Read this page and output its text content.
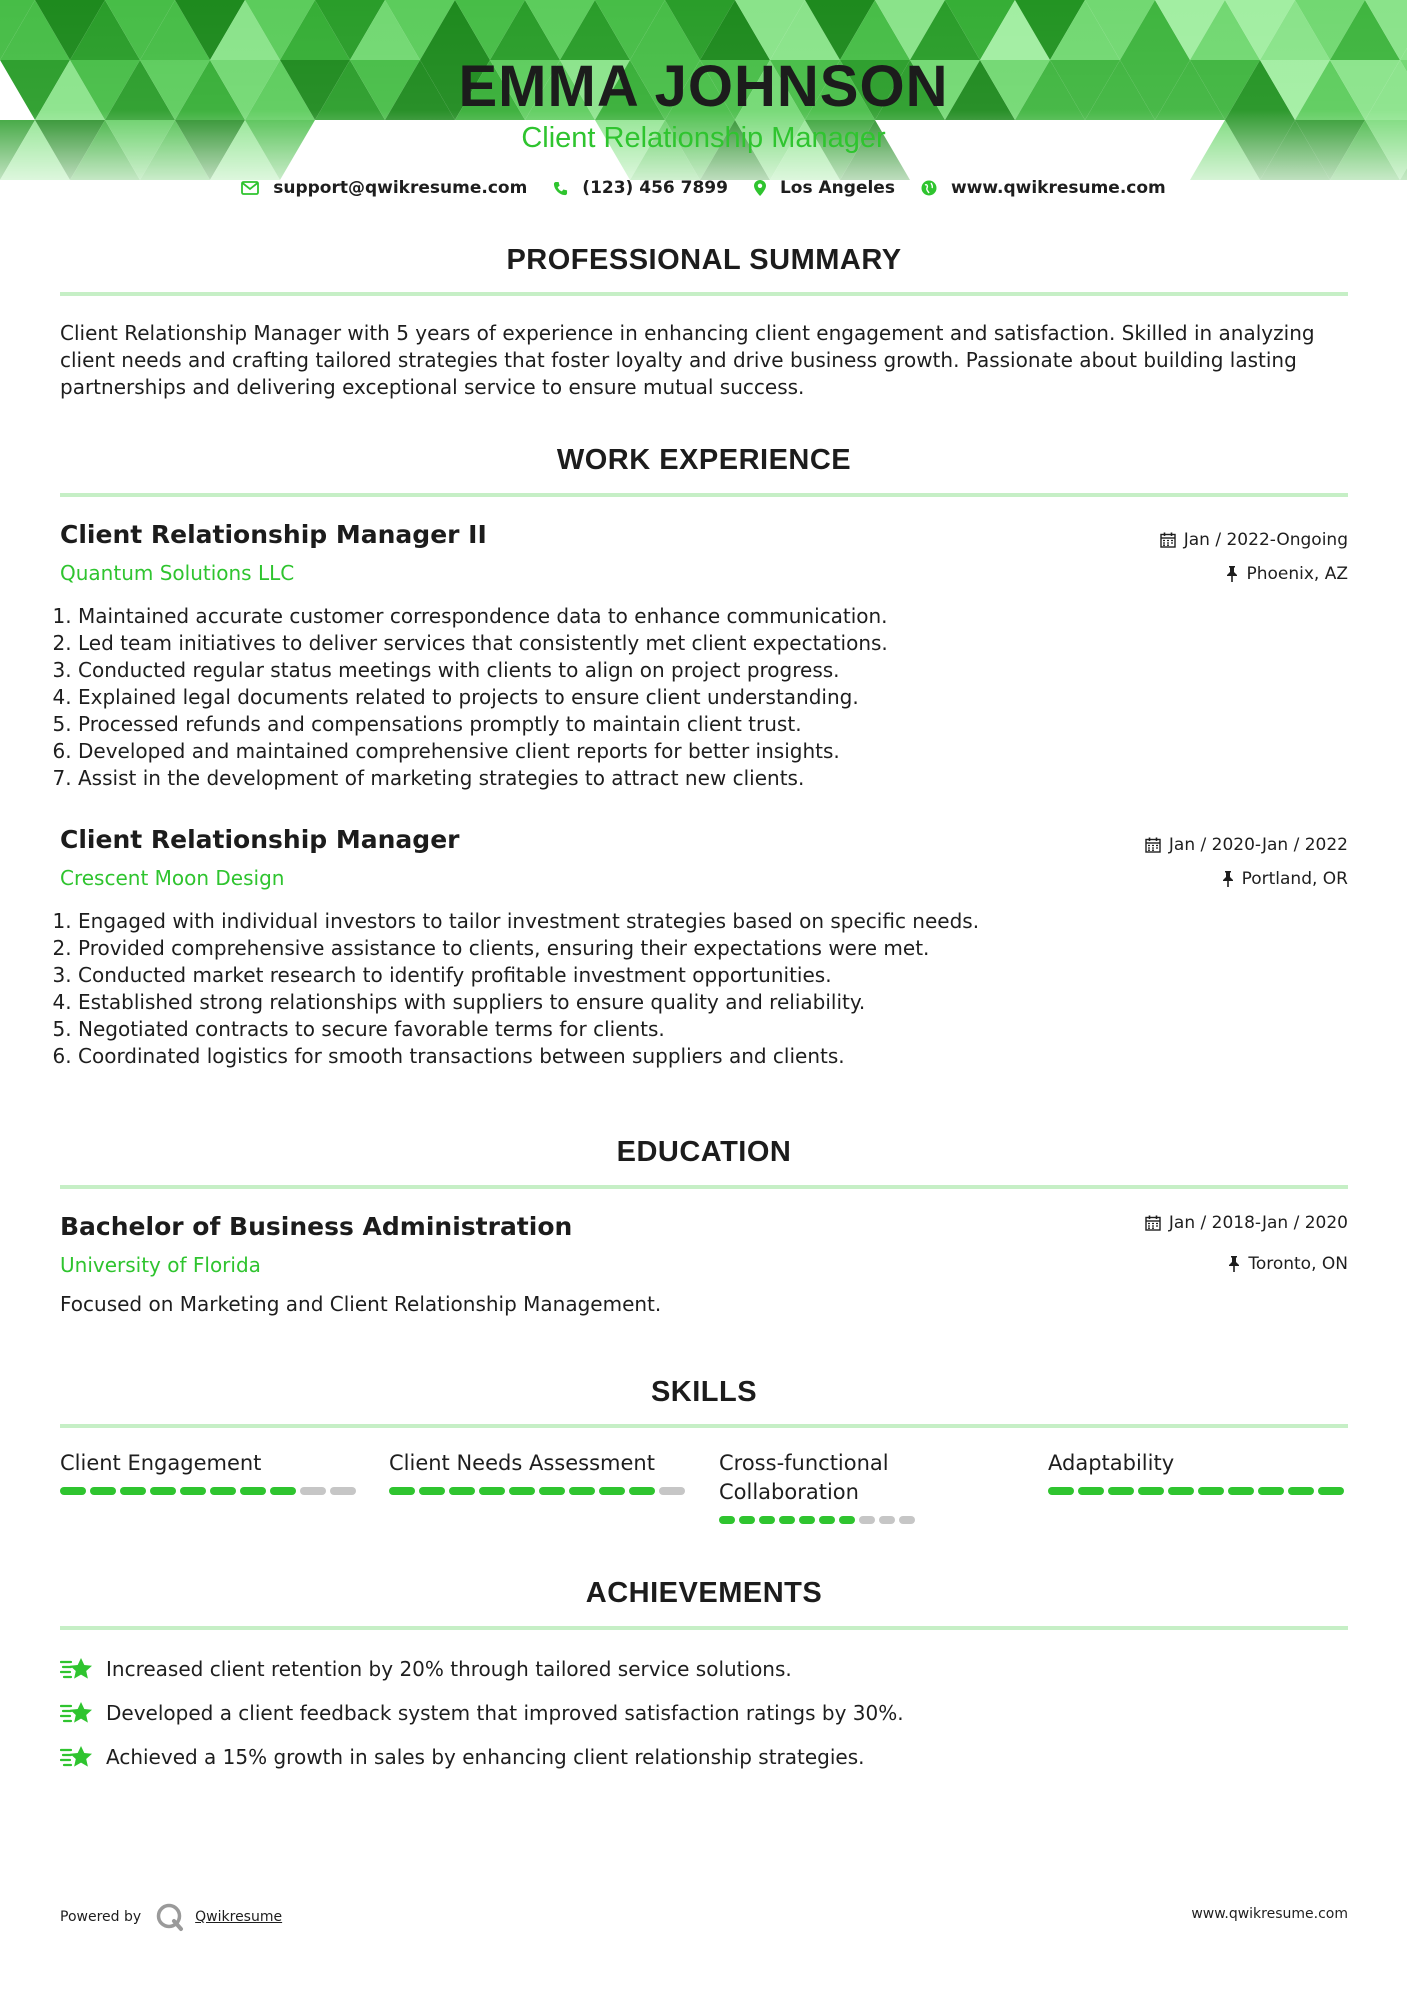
EMMA JOHNSON
Client Relationship Manager
support@qwikresume.com	(123) 456 7899	Los Angeles	www.qwikresume.com
PROFESSIONAL SUMMARY
Client Relationship Manager with 5 years of experience in enhancing client engagement and satisfaction. Skilled in analyzing client needs and crafting tailored strategies that foster loyalty and drive business growth. Passionate about building lasting partnerships and delivering exceptional service to ensure mutual success.
WORK EXPERIENCE
Client Relationship Manager II
Quantum Solutions LLC
Jan / 2022-Ongoing
Phoenix, AZ
1. Maintained accurate customer correspondence data to enhance communication.
2. Led team initiatives to deliver services that consistently met client expectations.
3. Conducted regular status meetings with clients to align on project progress.
4. Explained legal documents related to projects to ensure client understanding.
5. Processed refunds and compensations promptly to maintain client trust.
6. Developed and maintained comprehensive client reports for better insights.
7. Assist in the development of marketing strategies to attract new clients.
Client Relationship Manager
Crescent Moon Design
Jan / 2020-Jan / 2022
Portland, OR
1. Engaged with individual investors to tailor investment strategies based on specific needs.
2. Provided comprehensive assistance to clients, ensuring their expectations were met.
3. Conducted market research to identify profitable investment opportunities.
4. Established strong relationships with suppliers to ensure quality and reliability.
5. Negotiated contracts to secure favorable terms for clients.
6. Coordinated logistics for smooth transactions between suppliers and clients.
EDUCATION
Bachelor of Business Administration
University of Florida
Jan / 2018-Jan / 2020
Toronto, ON
Focused on Marketing and Client Relationship Management.
SKILLS
Client Engagement	Client Needs Assessment	Cross-functional Collaboration
Adaptability
ACHIEVEMENTS
Increased client retention by 20% through tailored service solutions.
Developed a client feedback system that improved satisfaction ratings by 30%.
Achieved a 15% growth in sales by enhancing client relationship strategies.
Powered by	Qwikresume	www.qwikresume.com
